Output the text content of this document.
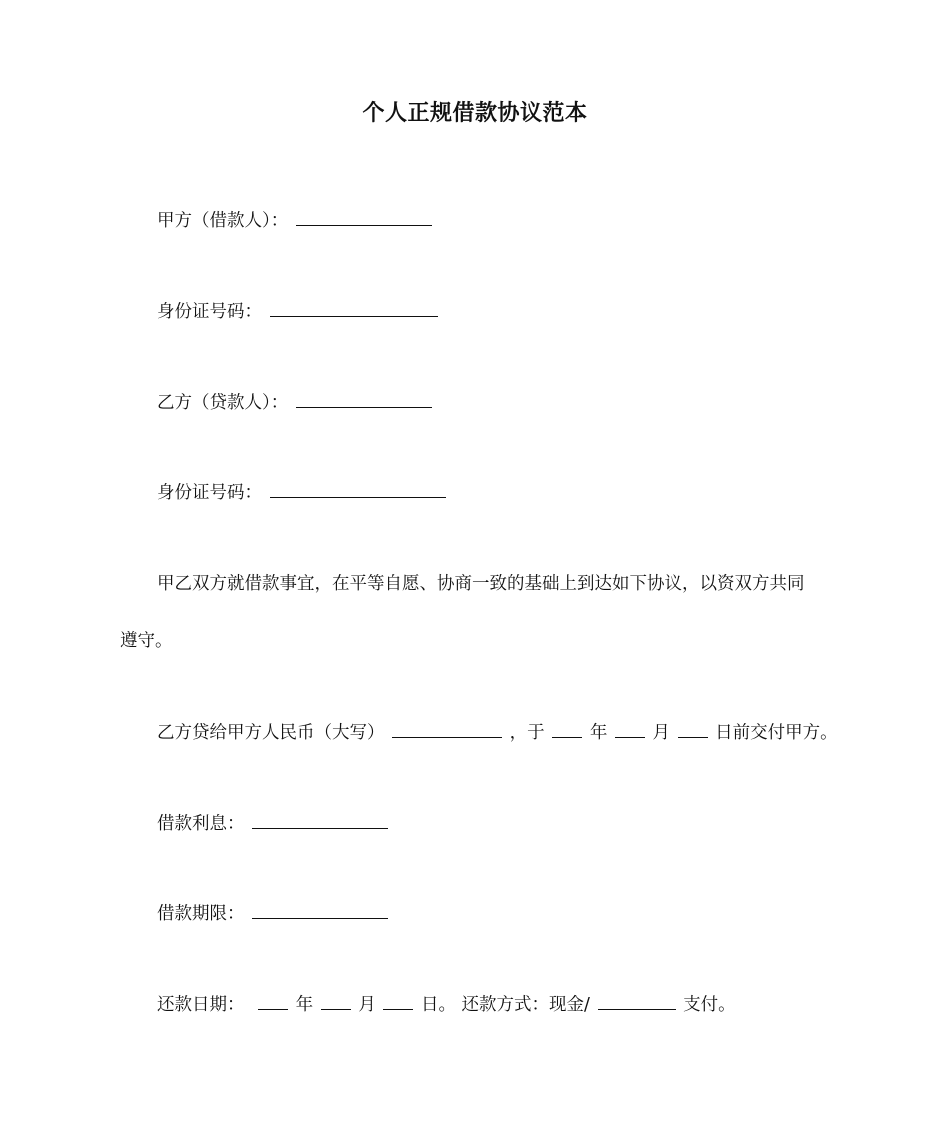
个人正规借款协议范本
甲方（借款人）：
身份证号码：
乙方（贷款人）：
身份证号码：
甲乙双方就借款事宜，在平等自愿、协商一致的基础上到达如下协议，以资双方共同
遵守。
乙方贷给甲方人民币（大写）	，于	年	月	日前交付甲方。
借款利息：
借款期限：
还款日期：	年	月	日。 还款方式：现金/	支付。
